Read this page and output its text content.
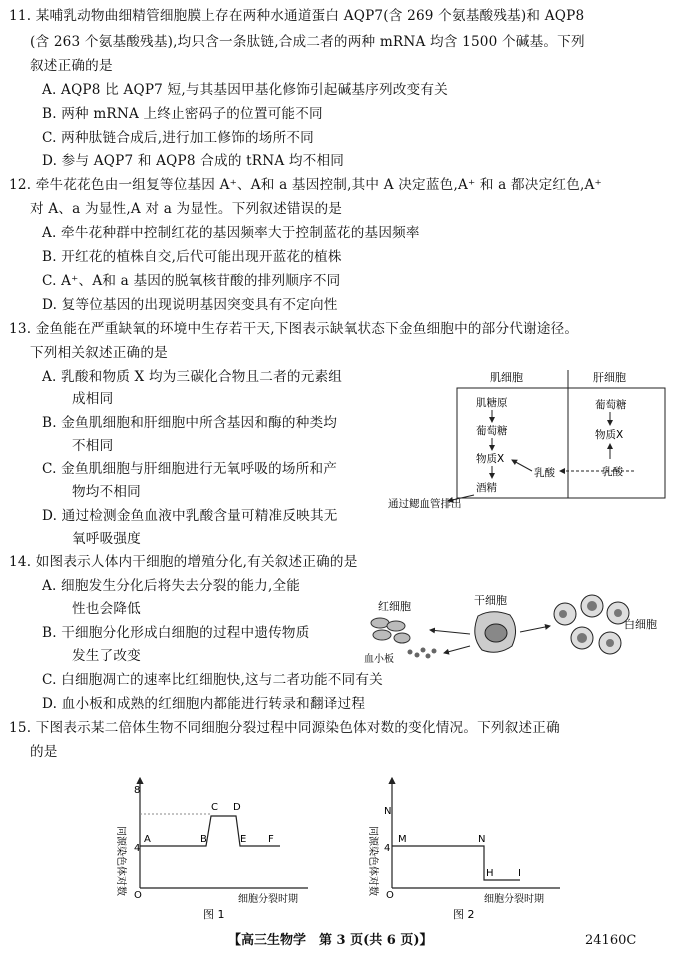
11. 某哺乳动物曲细精管细胞膜上存在两种水通道蛋白 AQP7(含 269 个氨基酸残基)和 AQP8
(含 263 个氨基酸残基),均只含一条肽链,合成二者的两种 mRNA 均含 1500 个碱基。下列
叙述正确的是
A. AQP8 比 AQP7 短,与其基因甲基化修饰引起碱基序列改变有关
B. 两种 mRNA 上终止密码子的位置可能不同
C. 两种肽链合成后,进行加工修饰的场所不同
D. 参与 AQP7 和 AQP8 合成的 tRNA 均不相同
12. 牵牛花花色由一组复等位基因 A⁺、A和 a 基因控制,其中 A 决定蓝色,A⁺ 和 a 都决定红色,A⁺
对 A、a 为显性,A 对 a 为显性。下列叙述错误的是
A. 牵牛花种群中控制红花的基因频率大于控制蓝花的基因频率
B. 开红花的植株自交,后代可能出现开蓝花的植株
C. A⁺、A和 a 基因的脱氧核苷酸的排列顺序不同
D. 复等位基因的出现说明基因突变具有不定向性
13. 金鱼能在严重缺氧的环境中生存若干天,下图表示缺氧状态下金鱼细胞中的部分代谢途径。
下列相关叙述正确的是
A. 乳酸和物质 X 均为三碳化合物且二者的元素组
成相同
B. 金鱼肌细胞和肝细胞中所含基因和酶的种类均
不相同
C. 金鱼肌细胞与肝细胞进行无氧呼吸的场所和产
物均不相同
D. 通过检测金鱼血液中乳酸含量可精准反映其无
氧呼吸强度
肌细胞	肝细胞
肌糖原
葡萄糖
物质X
酒精
乳酸
葡萄糖
物质X
乳酸
通过鳃血管排出
14. 如图表示人体内干细胞的增殖分化,有关叙述正确的是
A. 细胞发生分化后将失去分裂的能力,全能
性也会降低
B. 干细胞分化形成白细胞的过程中遗传物质
发生了改变
C. 白细胞凋亡的速率比红细胞快,这与二者功能不同有关
D. 血小板和成熟的红细胞内都能进行转录和翻译过程
红细胞
血小板
干细胞
白细胞
15. 下图表示某二倍体生物不同细胞分裂过程中同源染色体对数的变化情况。下列叙述正确
的是
同源染色体对数
8
4
O
A	B
C D
E F
细胞分裂时期
图 1
同源染色体对数
N
4
O
M	N
H I
细胞分裂时期
图 2
【高三生物学　第 3 页(共 6 页)】	24160C
